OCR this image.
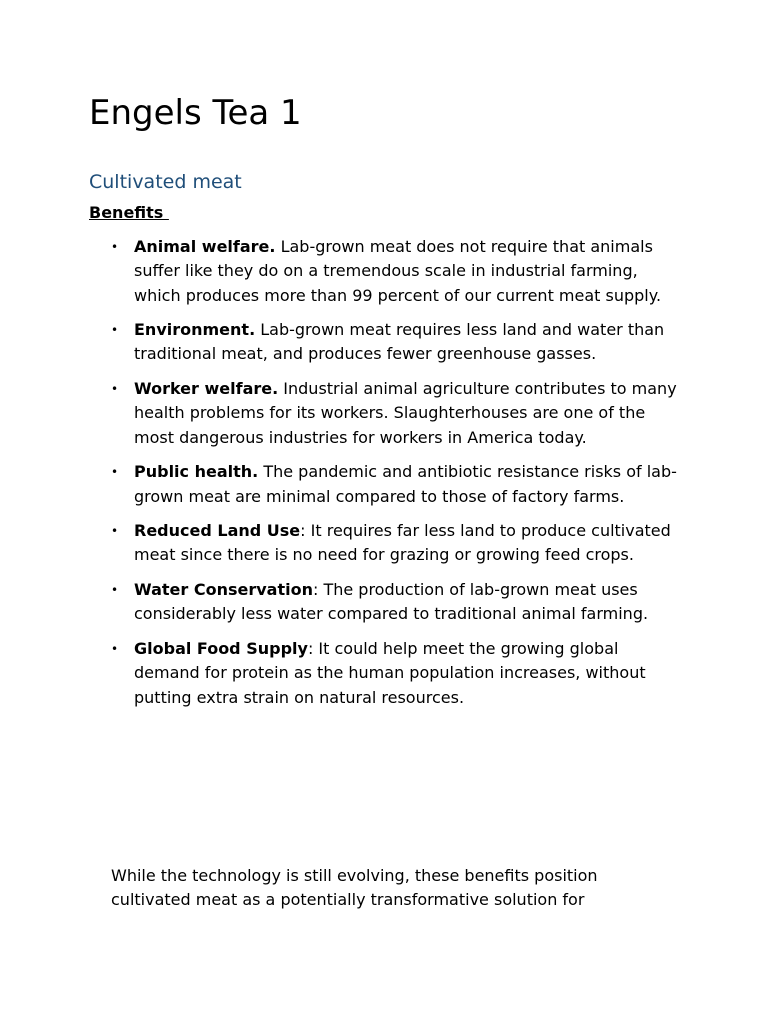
Engels Tea 1
Cultivated meat
Benefits
• Animal welfare. Lab-grown meat does not require that animals suffer like they do on a tremendous scale in industrial farming, which produces more than 99 percent of our current meat supply.
• Environment. Lab-grown meat requires less land and water than traditional meat, and produces fewer greenhouse gasses.
• Worker welfare. Industrial animal agriculture contributes to many health problems for its workers. Slaughterhouses are one of the most dangerous industries for workers in America today.
• Public health. The pandemic and antibiotic resistance risks of lab-grown meat are minimal compared to those of factory farms.
• Reduced Land Use: It requires far less land to produce cultivated meat since there is no need for grazing or growing feed crops.
• Water Conservation: The production of lab-grown meat uses considerably less water compared to traditional animal farming.
• Global Food Supply: It could help meet the growing global demand for protein as the human population increases, without putting extra strain on natural resources.

While the technology is still evolving, these benefits position cultivated meat as a potentially transformative solution for
